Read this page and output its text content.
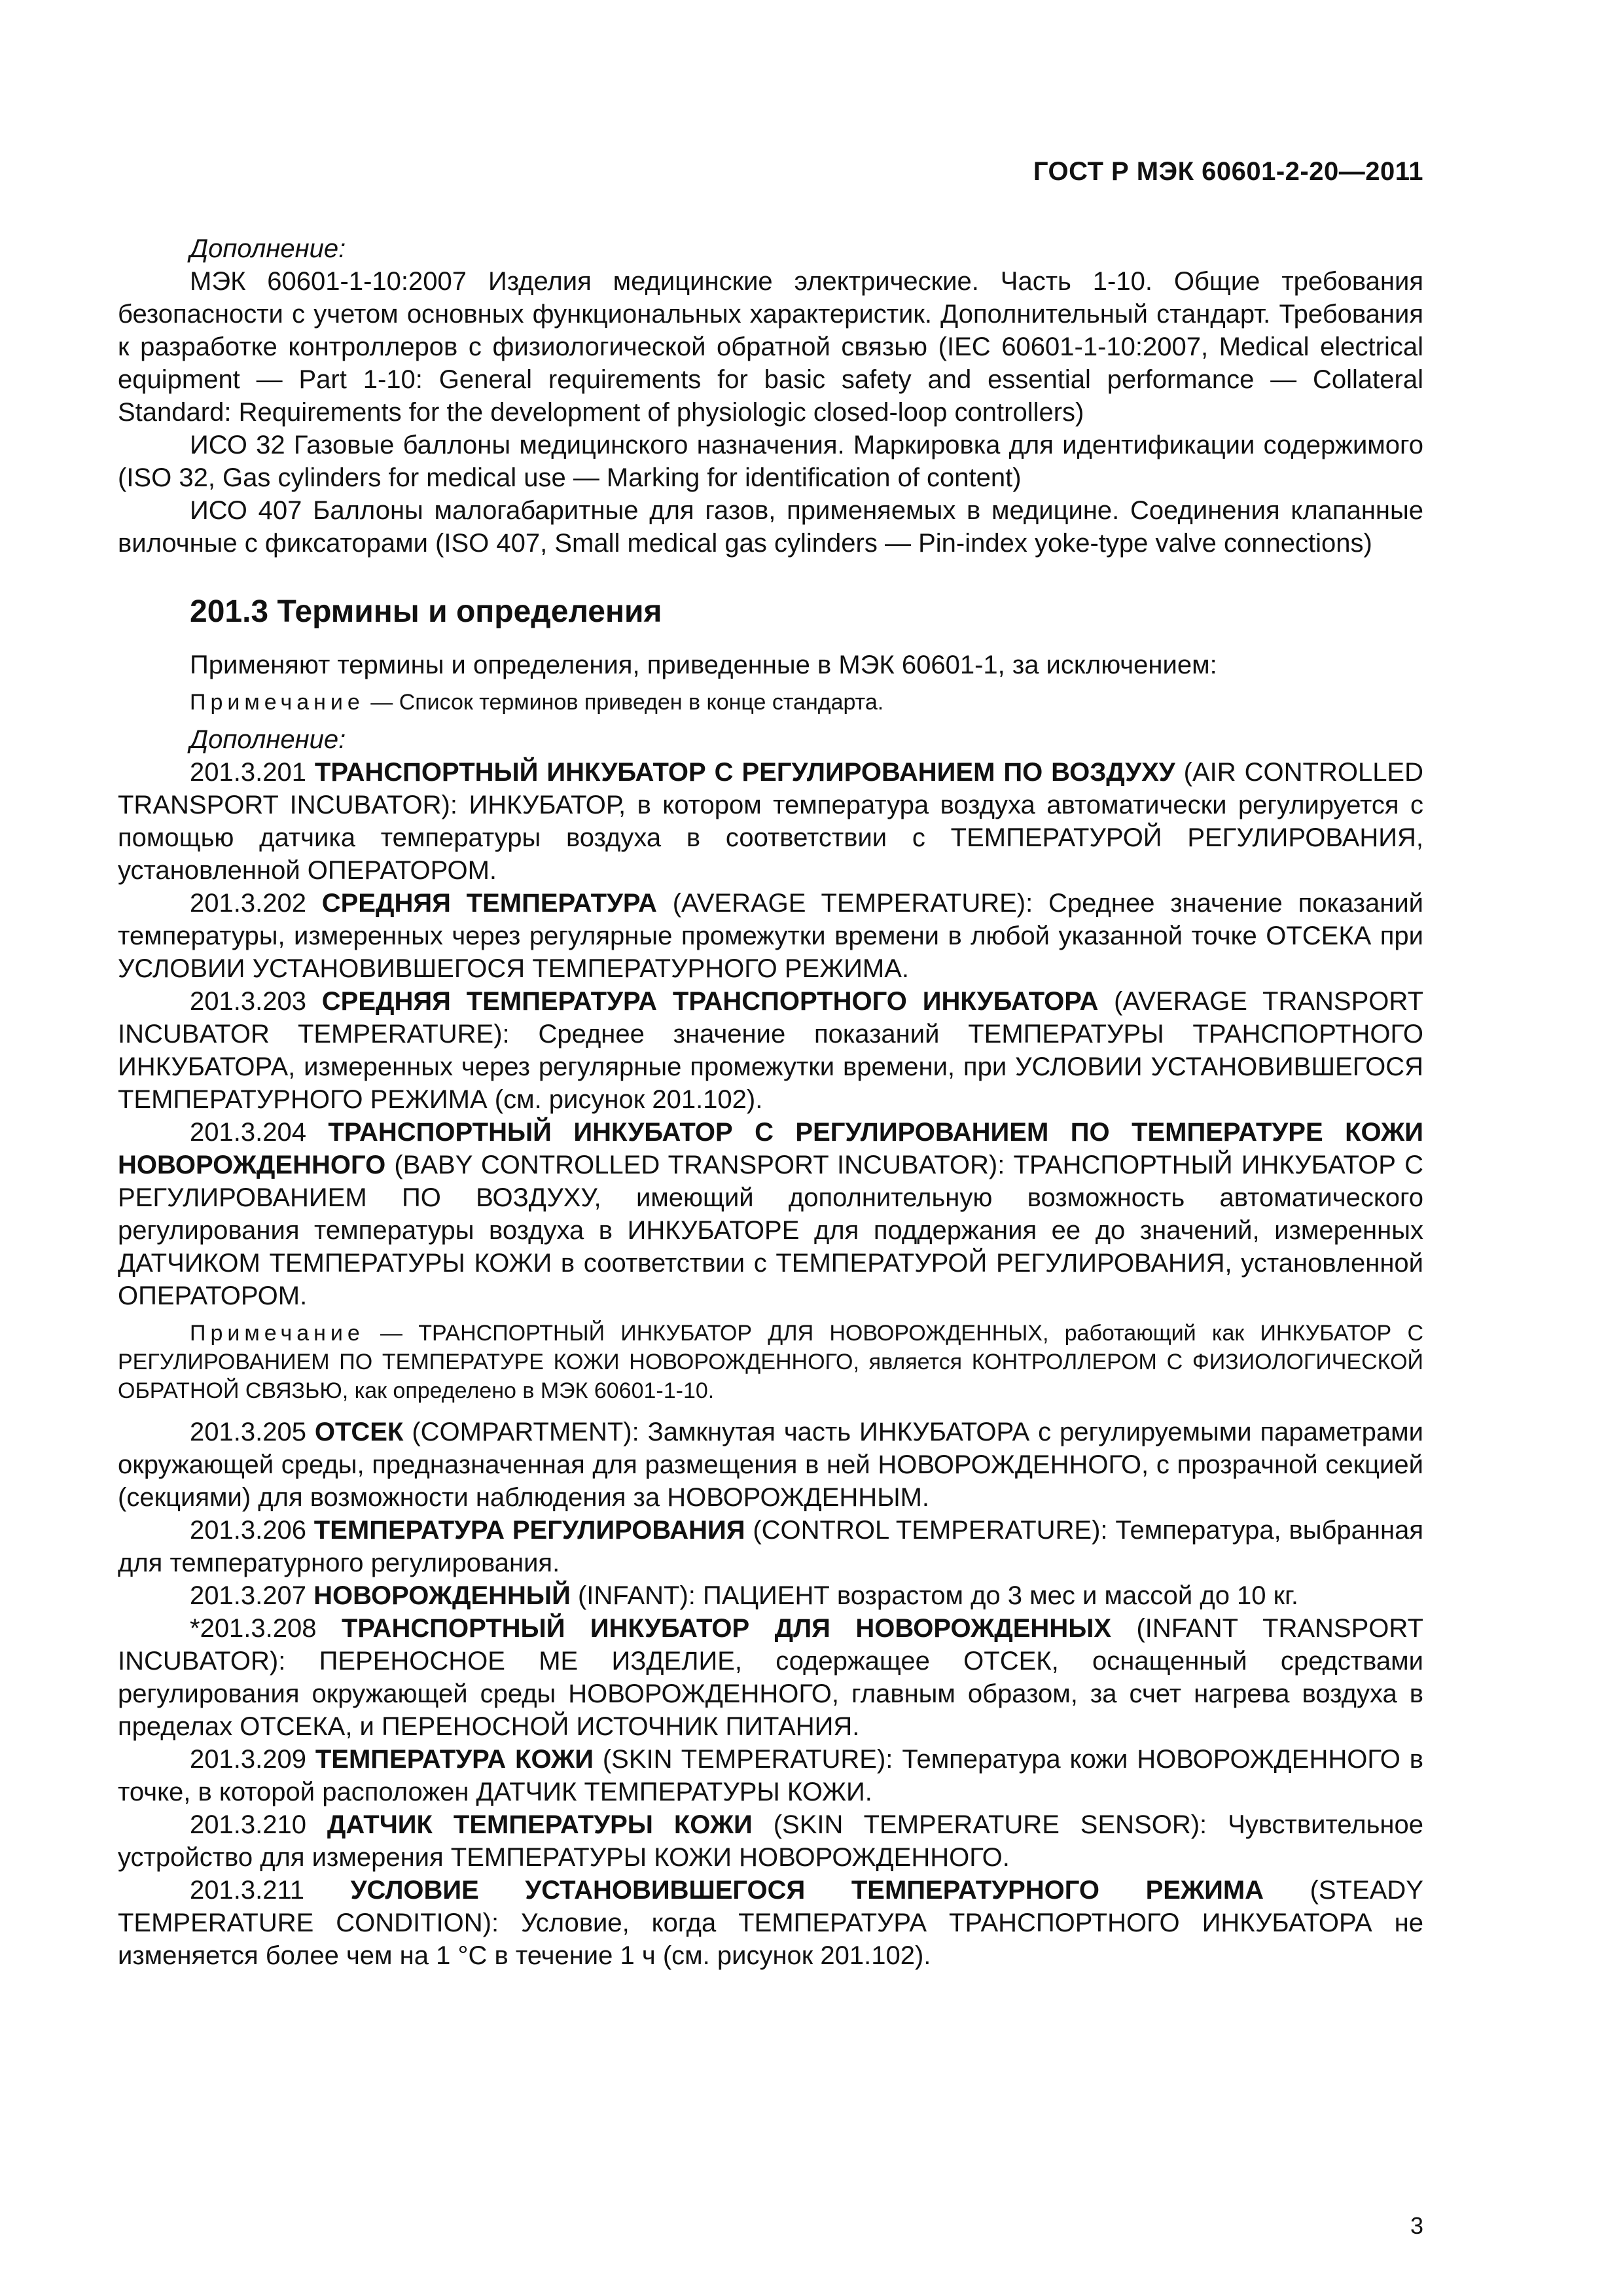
ГОСТ Р МЭК 60601-2-20—2011

Дополнение:

МЭК 60601-1-10:2007 Изделия медицинские электрические. Часть 1-10. Общие требования безопасности с учетом основных функциональных характеристик. Дополнительный стандарт. Требования к разработке контроллеров с физиологической обратной связью (IEC 60601-1-10:2007, Medical electrical equipment — Part 1-10: General requirements for basic safety and essential performance — Collateral Standard: Requirements for the development of physiologic closed-loop controllers)

ИСО 32 Газовые баллоны медицинского назначения. Маркировка для идентификации содержимого (ISO 32, Gas cylinders for medical use — Marking for identification of content)

ИСО 407 Баллоны малогабаритные для газов, применяемых в медицине. Соединения клапанные вилочные с фиксаторами (ISO 407, Small medical gas cylinders — Pin-index yoke-type valve connections)

201.3 Термины и определения

Применяют термины и определения, приведенные в МЭК 60601-1, за исключением:

Примечание — Список терминов приведен в конце стандарта.

Дополнение:

201.3.201 ТРАНСПОРТНЫЙ ИНКУБАТОР С РЕГУЛИРОВАНИЕМ ПО ВОЗДУХУ (AIR CONTROLLED TRANSPORT INCUBATOR): ИНКУБАТОР, в котором температура воздуха автоматически регулируется с помощью датчика температуры воздуха в соответствии с ТЕМПЕРАТУРОЙ РЕГУЛИРОВАНИЯ, установленной ОПЕРАТОРОМ.

201.3.202 СРЕДНЯЯ ТЕМПЕРАТУРА (AVERAGE TEMPERATURE): Среднее значение показаний температуры, измеренных через регулярные промежутки времени в любой указанной точке ОТСЕКА при УСЛОВИИ УСТАНОВИВШЕГОСЯ ТЕМПЕРАТУРНОГО РЕЖИМА.

201.3.203 СРЕДНЯЯ ТЕМПЕРАТУРА ТРАНСПОРТНОГО ИНКУБАТОРА (AVERAGE TRANSPORT INCUBATOR TEMPERATURE): Среднее значение показаний ТЕМПЕРАТУРЫ ТРАНСПОРТНОГО ИНКУБАТОРА, измеренных через регулярные промежутки времени, при УСЛОВИИ УСТАНОВИВШЕГОСЯ ТЕМПЕРАТУРНОГО РЕЖИМА (см. рисунок 201.102).

201.3.204 ТРАНСПОРТНЫЙ ИНКУБАТОР С РЕГУЛИРОВАНИЕМ ПО ТЕМПЕРАТУРЕ КОЖИ НОВОРОЖДЕННОГО (BABY CONTROLLED TRANSPORT INCUBATOR): ТРАНСПОРТНЫЙ ИНКУБАТОР С РЕГУЛИРОВАНИЕМ ПО ВОЗДУХУ, имеющий дополнительную возможность автоматического регулирования температуры воздуха в ИНКУБАТОРЕ для поддержания ее до значений, измеренных ДАТЧИКОМ ТЕМПЕРАТУРЫ КОЖИ в соответствии с ТЕМПЕРАТУРОЙ РЕГУЛИРОВАНИЯ, установленной ОПЕРАТОРОМ.

Примечание — ТРАНСПОРТНЫЙ ИНКУБАТОР ДЛЯ НОВОРОЖДЕННЫХ, работающий как ИНКУБАТОР С РЕГУЛИРОВАНИЕМ ПО ТЕМПЕРАТУРЕ КОЖИ НОВОРОЖДЕННОГО, является КОНТРОЛЛЕРОМ С ФИЗИОЛОГИЧЕСКОЙ ОБРАТНОЙ СВЯЗЬЮ, как определено в МЭК 60601-1-10.

201.3.205 ОТСЕК (COMPARTMENT): Замкнутая часть ИНКУБАТОРА с регулируемыми параметрами окружающей среды, предназначенная для размещения в ней НОВОРОЖДЕННОГО, с прозрачной секцией (секциями) для возможности наблюдения за НОВОРОЖДЕННЫМ.

201.3.206 ТЕМПЕРАТУРА РЕГУЛИРОВАНИЯ (CONTROL TEMPERATURE): Температура, выбранная для температурного регулирования.

201.3.207 НОВОРОЖДЕННЫЙ (INFANT): ПАЦИЕНТ возрастом до 3 мес и массой до 10 кг.

*201.3.208 ТРАНСПОРТНЫЙ ИНКУБАТОР ДЛЯ НОВОРОЖДЕННЫХ (INFANT TRANSPORT INCUBATOR): ПЕРЕНОСНОЕ МЕ ИЗДЕЛИЕ, содержащее ОТСЕК, оснащенный средствами регулирования окружающей среды НОВОРОЖДЕННОГО, главным образом, за счет нагрева воздуха в пределах ОТСЕКА, и ПЕРЕНОСНОЙ ИСТОЧНИК ПИТАНИЯ.

201.3.209 ТЕМПЕРАТУРА КОЖИ (SKIN TEMPERATURE): Температура кожи НОВОРОЖДЕННОГО в точке, в которой расположен ДАТЧИК ТЕМПЕРАТУРЫ КОЖИ.

201.3.210 ДАТЧИК ТЕМПЕРАТУРЫ КОЖИ (SKIN TEMPERATURE SENSOR): Чувствительное устройство для измерения ТЕМПЕРАТУРЫ КОЖИ НОВОРОЖДЕННОГО.

201.3.211 УСЛОВИЕ УСТАНОВИВШЕГОСЯ ТЕМПЕРАТУРНОГО РЕЖИМА (STEADY TEMPERATURE CONDITION): Условие, когда ТЕМПЕРАТУРА ТРАНСПОРТНОГО ИНКУБАТОРА не изменяется более чем на 1 °С в течение 1 ч (см. рисунок 201.102).

3
